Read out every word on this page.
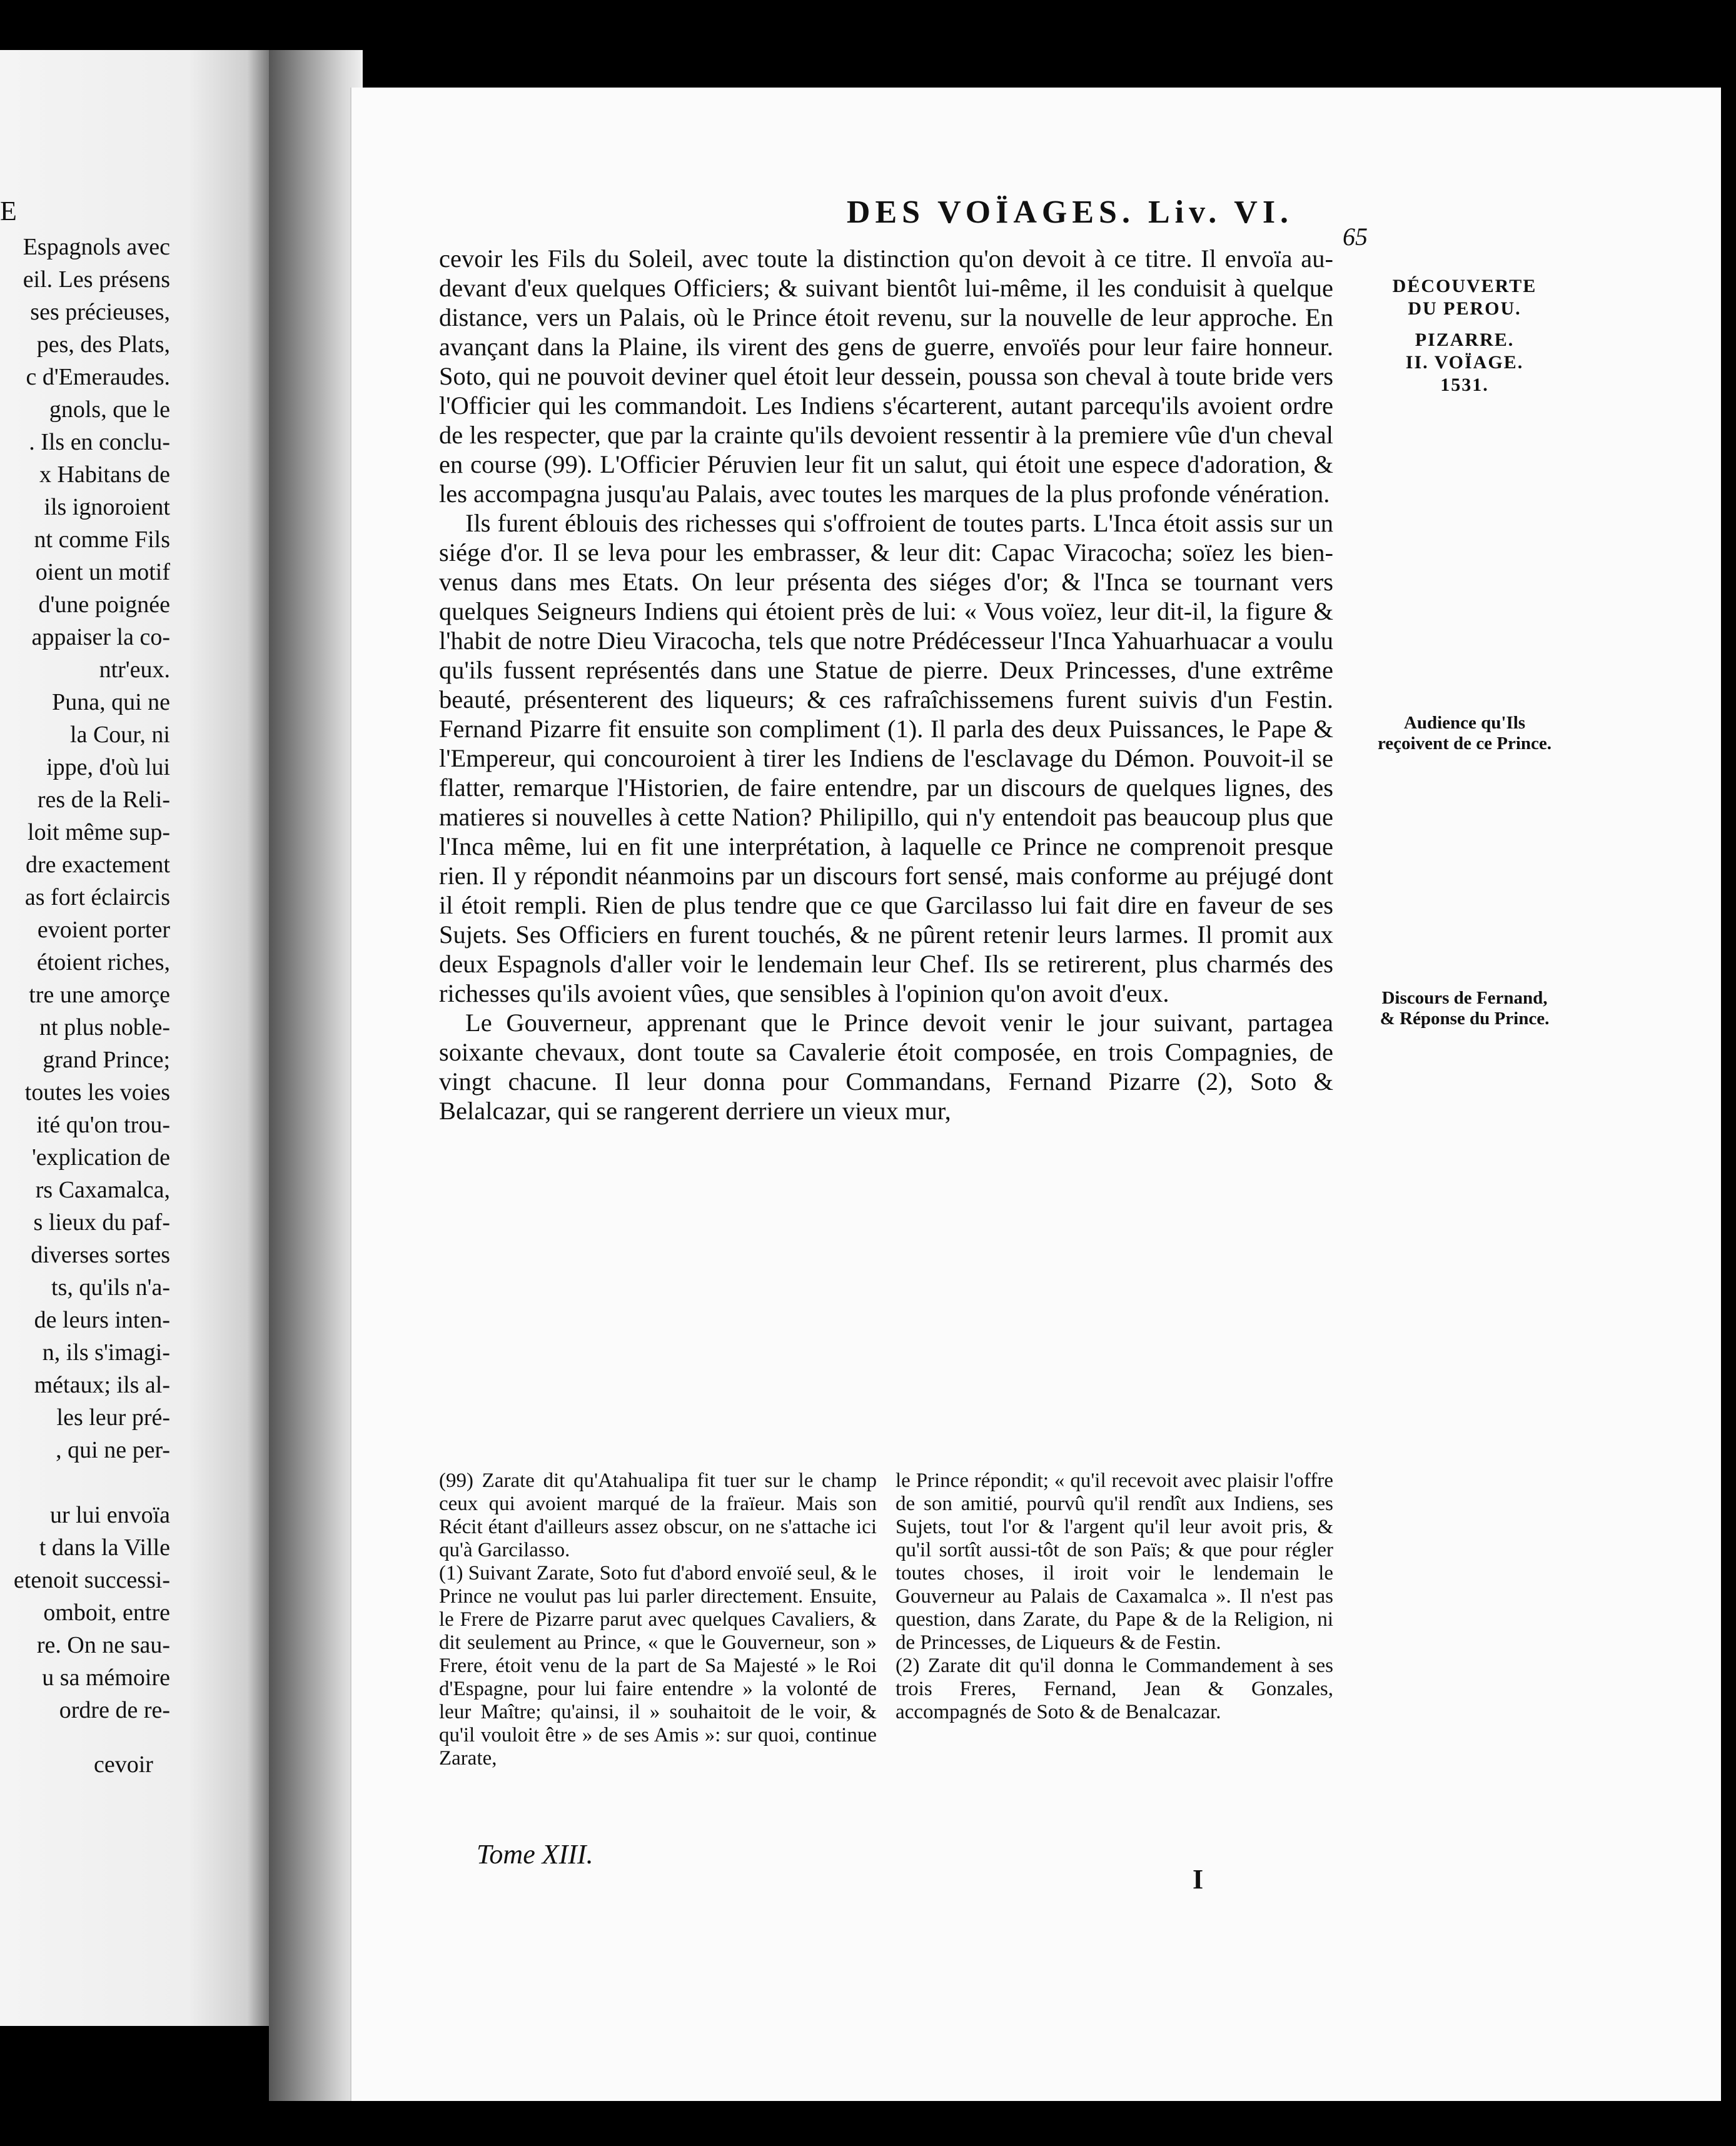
E
Espagnols avec
eil. Les présens
ses précieuses,
pes, des Plats,
c d'Emeraudes.
gnols, que le
. Ils en conclu-
x Habitans de
ils ignoroient
nt comme Fils
oient un motif
d'une poignée
appaiser la co-
ntr'eux.
Puna, qui ne
la Cour, ni
ippe, d'où lui
res de la Reli-
loit même sup-
dre exactement
as fort éclaircis
evoient porter
étoient riches,
tre une amorçe
nt plus noble-
grand Prince;
toutes les voies
ité qu'on trou-
'explication de
rs Caxamalca,
s lieux du paf-
diverses sortes
ts, qu'ils n'a-
de leurs inten-
n, ils s'imagi-
métaux; ils al-
les leur pré-
, qui ne per-
ur lui envoïa
t dans la Ville
etenoit successi-
omboit, entre
re. On ne sau-
u sa mémoire
ordre de re-
cevoir
DES VOÏAGES. Liv. VI.
65

cevoir les Fils du Soleil, avec toute la distinction qu'on devoit à ce titre. Il envoïa au-devant d'eux quelques Officiers; & suivant bientôt lui-même, il les conduisit à quelque distance, vers un Palais, où le Prince étoit revenu, sur la nouvelle de leur approche. En avançant dans la Plaine, ils virent des gens de guerre, envoïés pour leur faire honneur. Soto, qui ne pouvoit deviner quel étoit leur dessein, poussa son cheval à toute bride vers l'Officier qui les commandoit. Les Indiens s'écarterent, autant parcequ'ils avoient ordre de les respecter, que par la crainte qu'ils devoient ressentir à la premiere vûe d'un cheval en course (99). L'Officier Péruvien leur fit un salut, qui étoit une espece d'adoration, & les accompagna jusqu'au Palais, avec toutes les marques de la plus profonde vénération.

Ils furent éblouis des richesses qui s'offroient de toutes parts. L'Inca étoit assis sur un siége d'or. Il se leva pour les embrasser, & leur dit: Capac Viracocha; soïez les bien-venus dans mes Etats. On leur présenta des siéges d'or; & l'Inca se tournant vers quelques Seigneurs Indiens qui étoient près de lui: « Vous voïez, leur dit-il, la figure & l'habit de notre Dieu Viracocha, tels que notre Prédécesseur l'Inca Yahuarhuacar a voulu qu'ils fussent représentés dans une Statue de pierre. Deux Princesses, d'une extrême beauté, présenterent des liqueurs; & ces rafraîchissemens furent suivis d'un Festin. Fernand Pizarre fit ensuite son compliment (1). Il parla des deux Puissances, le Pape & l'Empereur, qui concouroient à tirer les Indiens de l'esclavage du Démon. Pouvoit-il se flatter, remarque l'Historien, de faire entendre, par un discours de quelques lignes, des matieres si nouvelles à cette Nation? Philipillo, qui n'y entendoit pas beaucoup plus que l'Inca même, lui en fit une interprétation, à laquelle ce Prince ne comprenoit presque rien. Il y répondit néanmoins par un discours fort sensé, mais conforme au préjugé dont il étoit rempli. Rien de plus tendre que ce que Garcilasso lui fait dire en faveur de ses Sujets. Ses Officiers en furent touchés, & ne pûrent retenir leurs larmes. Il promit aux deux Espagnols d'aller voir le lendemain leur Chef. Ils se retirerent, plus charmés des richesses qu'ils avoient vûes, que sensibles à l'opinion qu'on avoit d'eux.

Le Gouverneur, apprenant que le Prince devoit venir le jour suivant, partagea soixante chevaux, dont toute sa Cavalerie étoit composée, en trois Compagnies, de vingt chacune. Il leur donna pour Commandans, Fernand Pizarre (2), Soto & Belalcazar, qui se rangerent derriere un vieux mur,

DÉCOUVERTE
DU PEROU.
PIZARRE.
II. VOÏAGE.
1531.
Audience qu'Ils reçoivent de ce Prince.
Discours de Fernand, & Réponse du Prince.

(99) Zarate dit qu'Atahualipa fit tuer sur le champ ceux qui avoient marqué de la fraïeur. Mais son Récit étant d'ailleurs assez obscur, on ne s'attache ici qu'à Garcilasso.

(1) Suivant Zarate, Soto fut d'abord envoïé seul, & le Prince ne voulut pas lui parler directement. Ensuite, le Frere de Pizarre parut avec quelques Cavaliers, & dit seulement au Prince, « que le Gouverneur, son » Frere, étoit venu de la part de Sa Majesté » le Roi d'Espagne, pour lui faire entendre » la volonté de leur Maître; qu'ainsi, il » souhaitoit de le voir, & qu'il vouloit être » de ses Amis »: sur quoi, continue Zarate,

le Prince répondit; « qu'il recevoit avec plaisir l'offre de son amitié, pourvû qu'il rendît aux Indiens, ses Sujets, tout l'or & l'argent qu'il leur avoit pris, & qu'il sortît aussi-tôt de son Païs; & que pour régler toutes choses, il iroit voir le lendemain le Gouverneur au Palais de Caxamalca ». Il n'est pas question, dans Zarate, du Pape & de la Religion, ni de Princesses, de Liqueurs & de Festin.

(2) Zarate dit qu'il donna le Commandement à ses trois Freres, Fernand, Jean & Gonzales, accompagnés de Soto & de Benalcazar.

Tome XIII.
I
